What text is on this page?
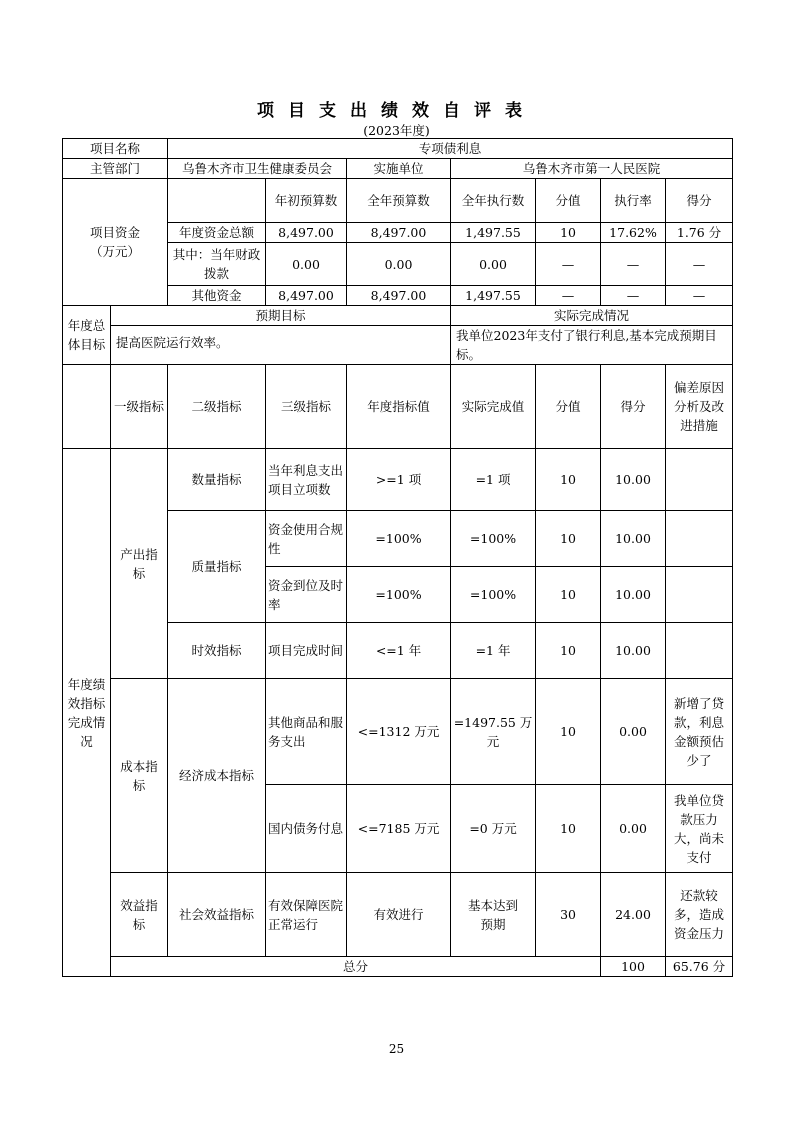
项目支出绩效自评表
(2023年度)
项目名称		专项债利息							
主管部门		乌鲁木齐市卫生健康委员会		实施单位	乌鲁木齐市第一人民医院				
项目资金
（万元）			年初预算数	全年预算数	全年执行数	分值	执行率	得分	
		年度资金总额	8,497.00	8,497.00	1,497.55	10	17.62%	1.76 分	
		其中：当年财政拨款	0.00	0.00	0.00	—	—	—	
		其他资金	8,497.00	8,497.00	1,497.55	—	—	—	
年度总体目标	预期目标				实际完成情况				
	提高医院运行效率。				我单位2023年支付了银行利息,基本完成预期目标。				
	一级指标	二级指标	三级指标	年度指标值	实际完成值	分值	得分	偏差原因分析及改进措施	
年度绩效指标完成情况	产出指标	数量指标	当年利息支出项目立项数	>=1 项	=1 项	10	10.00		
		质量指标	资金使用合规性	=100%	=100%	10	10.00		
			资金到位及时率	=100%	=100%	10	10.00		
		时效指标	项目完成时间	<=1 年	=1 年	10	10.00		
	成本指标	经济成本指标	其他商品和服务支出	<=1312 万元	=1497.55 万元	10	0.00	新增了贷款，利息金额预估少了	
			国内债务付息	<=7185 万元	=0 万元	10	0.00	我单位贷款压力大，尚未支付	
	效益指标	社会效益指标	有效保障医院正常运行	有效进行	基本达到预期	30	24.00	还款较多，造成资金压力	
	总分						100	65.76 分	
25
